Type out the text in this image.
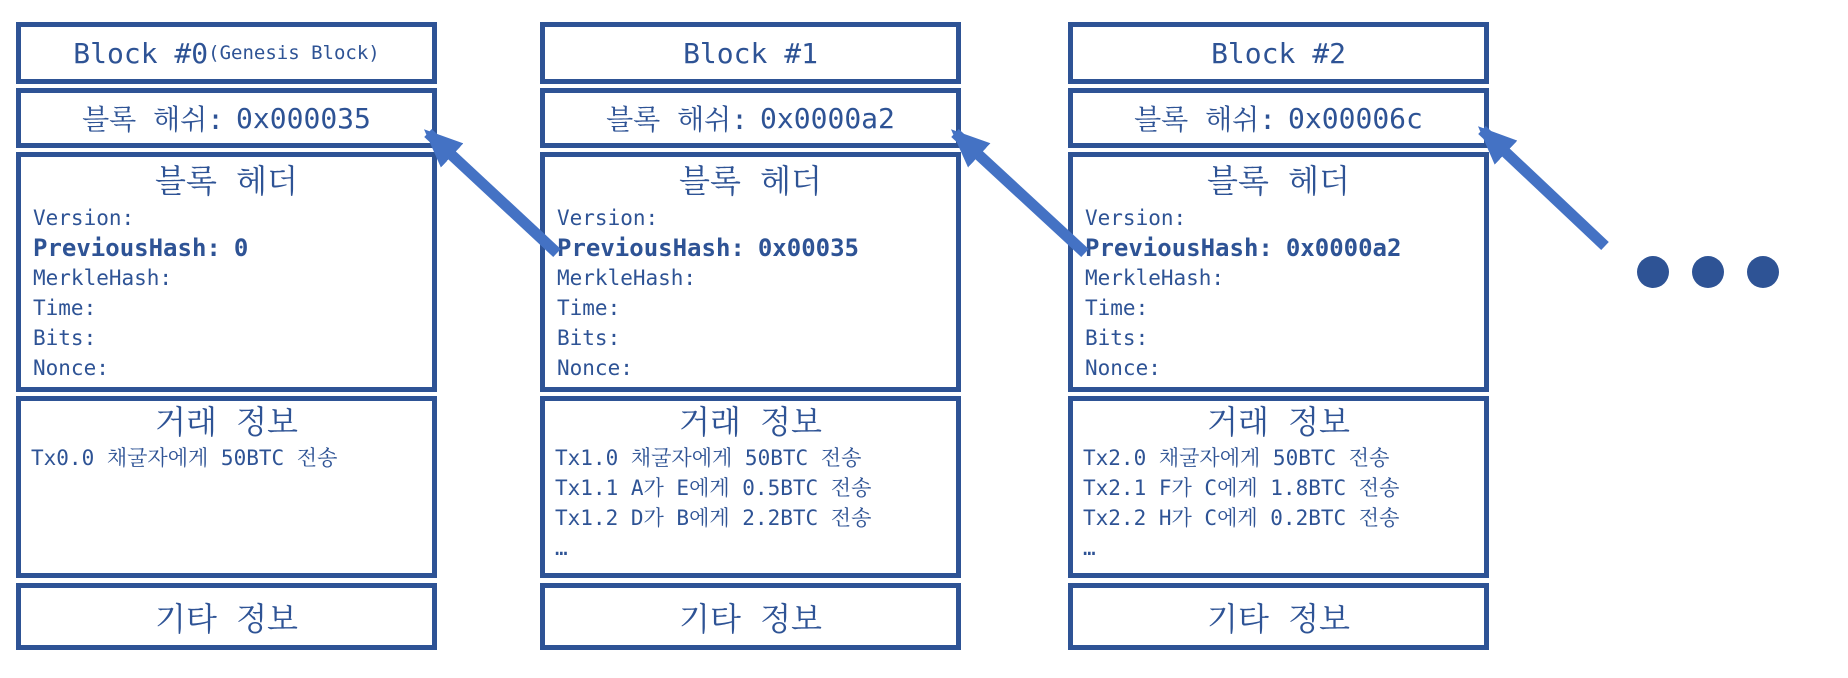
Block #0 (Genesis Block)
블록 해쉬: 0x000035
블록 헤더
Version:
PreviousHash: 0
MerkleHash:
Time:
Bits:
Nonce:
거래 정보
Tx0.0 채굴자에게 50BTC 전송
기타 정보
Block #1
블록 해쉬: 0x0000a2
블록 헤더
Version:
PreviousHash: 0x00035
MerkleHash:
Time:
Bits:
Nonce:
거래 정보
Tx1.0 채굴자에게 50BTC 전송
Tx1.1 A가 E에게 0.5BTC 전송
Tx1.2 D가 B에게 2.2BTC 전송
…
기타 정보
Block #2
블록 해쉬: 0x00006c
블록 헤더
Version:
PreviousHash: 0x0000a2
MerkleHash:
Time:
Bits:
Nonce:
거래 정보
Tx2.0 채굴자에게 50BTC 전송
Tx2.1 F가 C에게 1.8BTC 전송
Tx2.2 H가 C에게 0.2BTC 전송
…
기타 정보
